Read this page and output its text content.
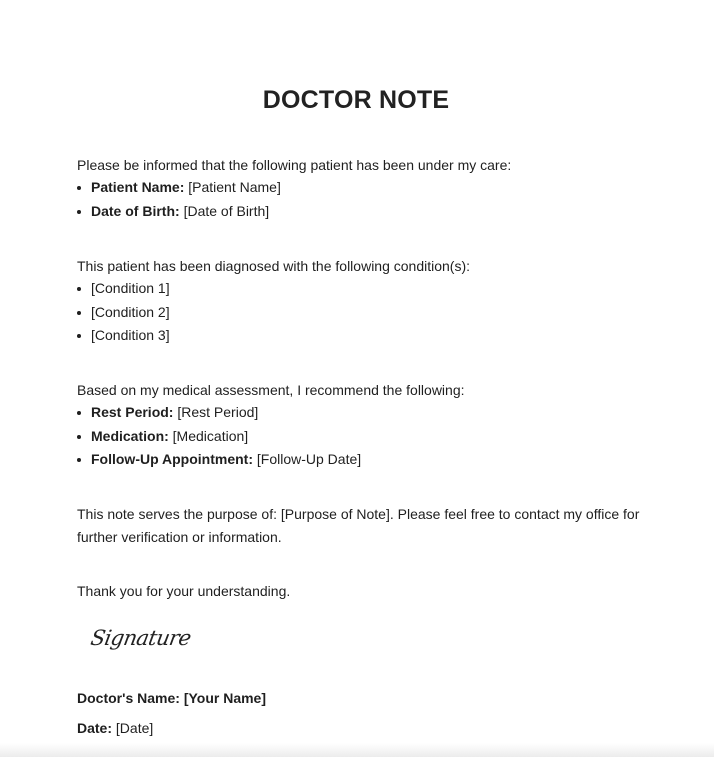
DOCTOR NOTE
Please be informed that the following patient has been under my care:
Patient Name: [Patient Name]
Date of Birth: [Date of Birth]
This patient has been diagnosed with the following condition(s):
[Condition 1]
[Condition 2]
[Condition 3]
Based on my medical assessment, I recommend the following:
Rest Period: [Rest Period]
Medication: [Medication]
Follow-Up Appointment: [Follow-Up Date]
This note serves the purpose of: [Purpose of Note]. Please feel free to contact my office for further verification or information.
Thank you for your understanding.
Signature
Doctor's Name: [Your Name]
Date: [Date]
